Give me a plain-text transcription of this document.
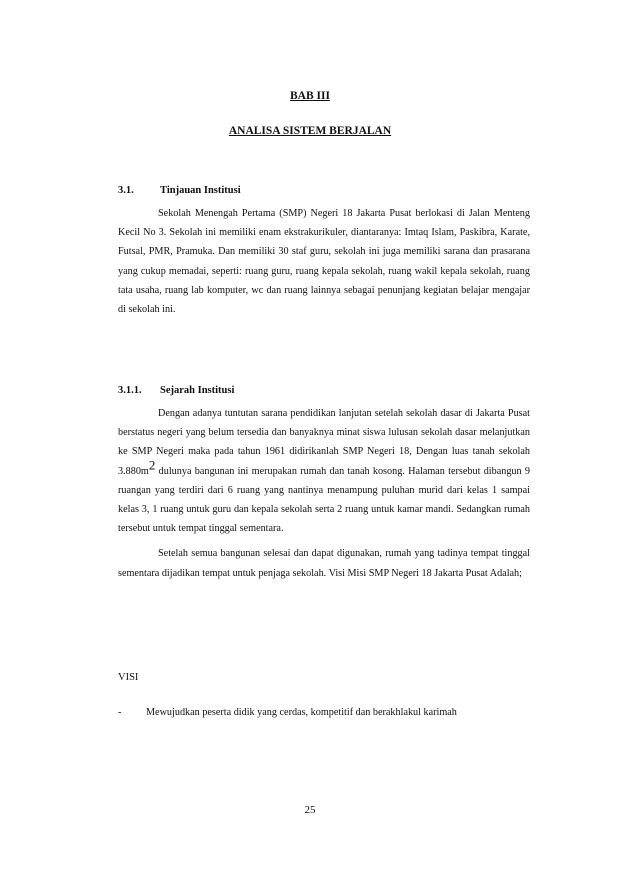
BAB III
ANALISA SISTEM BERJALAN
3.1.	Tinjauan Institusi

Sekolah Menengah Pertama (SMP) Negeri 18 Jakarta Pusat berlokasi di Jalan Menteng Kecil No 3. Sekolah ini memiliki enam ekstrakurikuler, diantaranya: Imtaq Islam, Paskibra, Karate, Futsal, PMR, Pramuka. Dan memiliki 30 staf guru, sekolah ini juga memiliki sarana dan prasarana yang cukup memadai, seperti: ruang guru, ruang kepala sekolah, ruang wakil kepala sekolah, ruang tata usaha, ruang lab komputer, wc dan ruang lainnya sebagai penunjang kegiatan belajar mengajar di sekolah ini.

3.1.1. Sejarah Institusi

Dengan adanya tuntutan sarana pendidikan lanjutan setelah sekolah dasar di Jakarta Pusat berstatus negeri yang belum tersedia dan banyaknya minat siswa lulusan sekolah dasar melanjutkan ke SMP Negeri maka pada tahun 1961 didirikanlah SMP Negeri 18, Dengan luas tanah sekolah $3.880m^2$ dulunya bangunan ini merupakan rumah dan tanah kosong. Halaman tersebut dibangun 9 ruangan yang terdiri dari 6 ruang yang nantinya menampung puluhan murid dari kelas 1 sampai kelas 3, 1 ruang untuk guru dan kepala sekolah serta 2 ruang untuk kamar mandi. Sedangkan rumah tersebut untuk tempat tinggal sementara.

Setelah semua bangunan selesai dan dapat digunakan, rumah yang tadinya tempat tinggal sementara dijadikan tempat untuk penjaga sekolah. Visi Misi SMP Negeri 18 Jakarta Pusat Adalah;

VISI
- Mewujudkan peserta didik yang cerdas, kompetitif dan berakhlakul karimah
25
